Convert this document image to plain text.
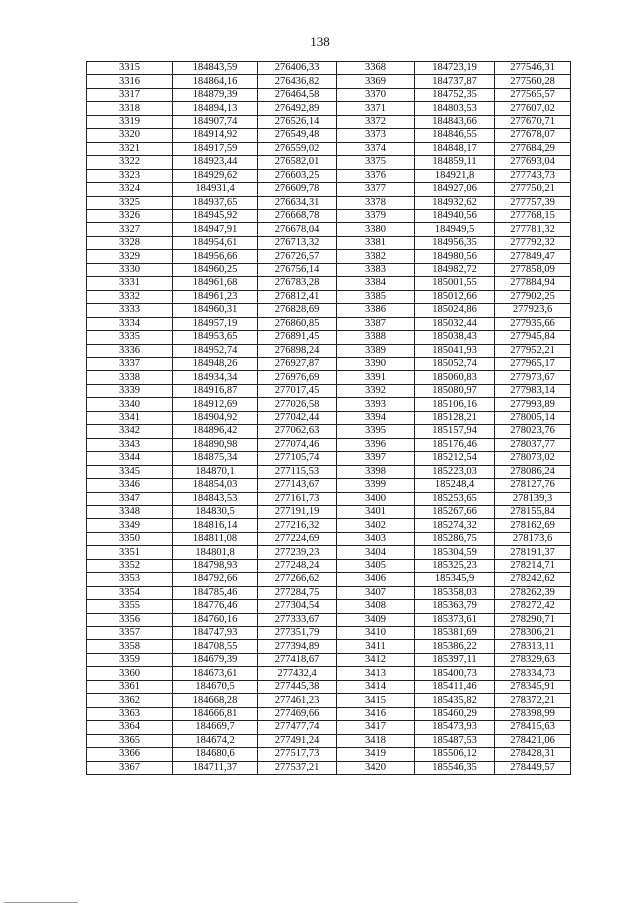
138
3315	184843,59	276406,33	3368	184723,19	277546,31
3316	184864,16	276436,82	3369	184737,87	277560,28
3317	184879,39	276464,58	3370	184752,35	277565,57
3318	184894,13	276492,89	3371	184803,53	277607,02
3319	184907,74	276526,14	3372	184843,66	277670,71
3320	184914,92	276549,48	3373	184846,55	277678,07
3321	184917,59	276559,02	3374	184848,17	277684,29
3322	184923,44	276582,01	3375	184859,11	277693,04
3323	184929,62	276603,25	3376	184921,8	277743,73
3324	184931,4	276609,78	3377	184927,06	277750,21
3325	184937,65	276634,31	3378	184932,62	277757,39
3326	184945,92	276668,78	3379	184940,56	277768,15
3327	184947,91	276678,04	3380	184949,5	277781,32
3328	184954,61	276713,32	3381	184956,35	277792,32
3329	184956,66	276726,57	3382	184980,56	277849,47
3330	184960,25	276756,14	3383	184982,72	277858,09
3331	184961,68	276783,28	3384	185001,55	277884,94
3332	184961,23	276812,41	3385	185012,66	277902,25
3333	184960,31	276828,69	3386	185024,86	277923,6
3334	184957,19	276860,85	3387	185032,44	277935,66
3335	184953,65	276891,45	3388	185038,43	277945,84
3336	184952,74	276898,24	3389	185041,93	277952,21
3337	184948,26	276927,87	3390	185052,74	277965,17
3338	184934,34	276976,69	3391	185060,83	277973,67
3339	184916,87	277017,45	3392	185080,97	277983,14
3340	184912,69	277026,58	3393	185106,16	277993,89
3341	184904,92	277042,44	3394	185128,21	278005,14
3342	184896,42	277062,63	3395	185157,94	278023,76
3343	184890,98	277074,46	3396	185176,46	278037,77
3344	184875,34	277105,74	3397	185212,54	278073,02
3345	184870,1	277115,53	3398	185223,03	278086,24
3346	184854,03	277143,67	3399	185248,4	278127,76
3347	184843,53	277161,73	3400	185253,65	278139,3
3348	184830,5	277191,19	3401	185267,66	278155,84
3349	184816,14	277216,32	3402	185274,32	278162,69
3350	184811,08	277224,69	3403	185286,75	278173,6
3351	184801,8	277239,23	3404	185304,59	278191,37
3352	184798,93	277248,24	3405	185325,23	278214,71
3353	184792,66	277266,62	3406	185345,9	278242,62
3354	184785,46	277284,75	3407	185358,03	278262,39
3355	184776,46	277304,54	3408	185363,79	278272,42
3356	184760,16	277333,67	3409	185373,61	278290,71
3357	184747,93	277351,79	3410	185381,69	278306,21
3358	184708,55	277394,89	3411	185386,22	278313,11
3359	184679,39	277418,67	3412	185397,11	278329,63
3360	184673,61	277432,4	3413	185400,73	278334,73
3361	184670,5	277445,38	3414	185411,46	278345,91
3362	184668,28	277461,23	3415	185435,82	278372,21
3363	184666,81	277469,66	3416	185460,29	278398,99
3364	184669,7	277477,74	3417	185473,93	278415,63
3365	184674,2	277491,24	3418	185487,53	278421,06
3366	184680,6	277517,73	3419	185506,12	278428,31
3367	184711,37	277537,21	3420	185546,35	278449,57
